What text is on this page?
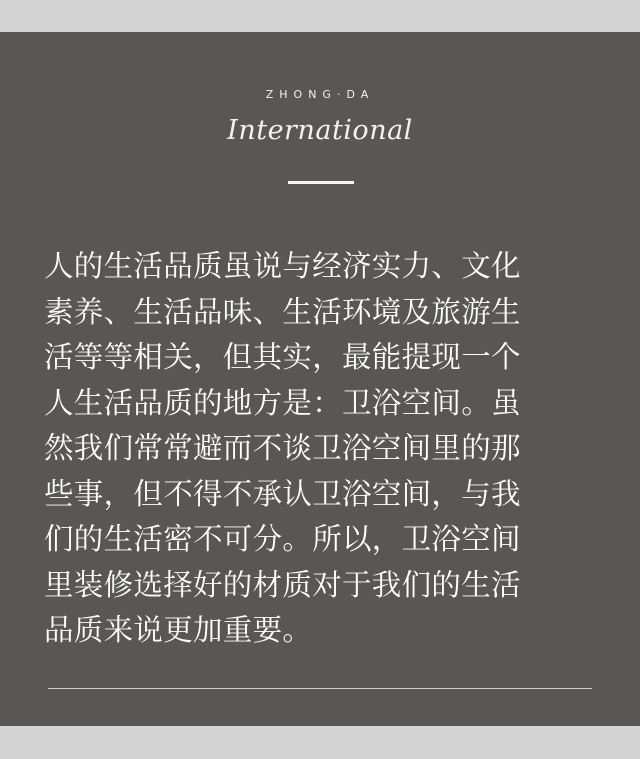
ZHONG·DA
International

人的生活品质虽说与经济实力、文化
素养、生活品味、生活环境及旅游生
活等等相关，但其实，最能提现一个
人生活品质的地方是：卫浴空间。虽
然我们常常避而不谈卫浴空间里的那
些事，但不得不承认卫浴空间，与我
们的生活密不可分。所以，卫浴空间
里装修选择好的材质对于我们的生活
品质来说更加重要。
